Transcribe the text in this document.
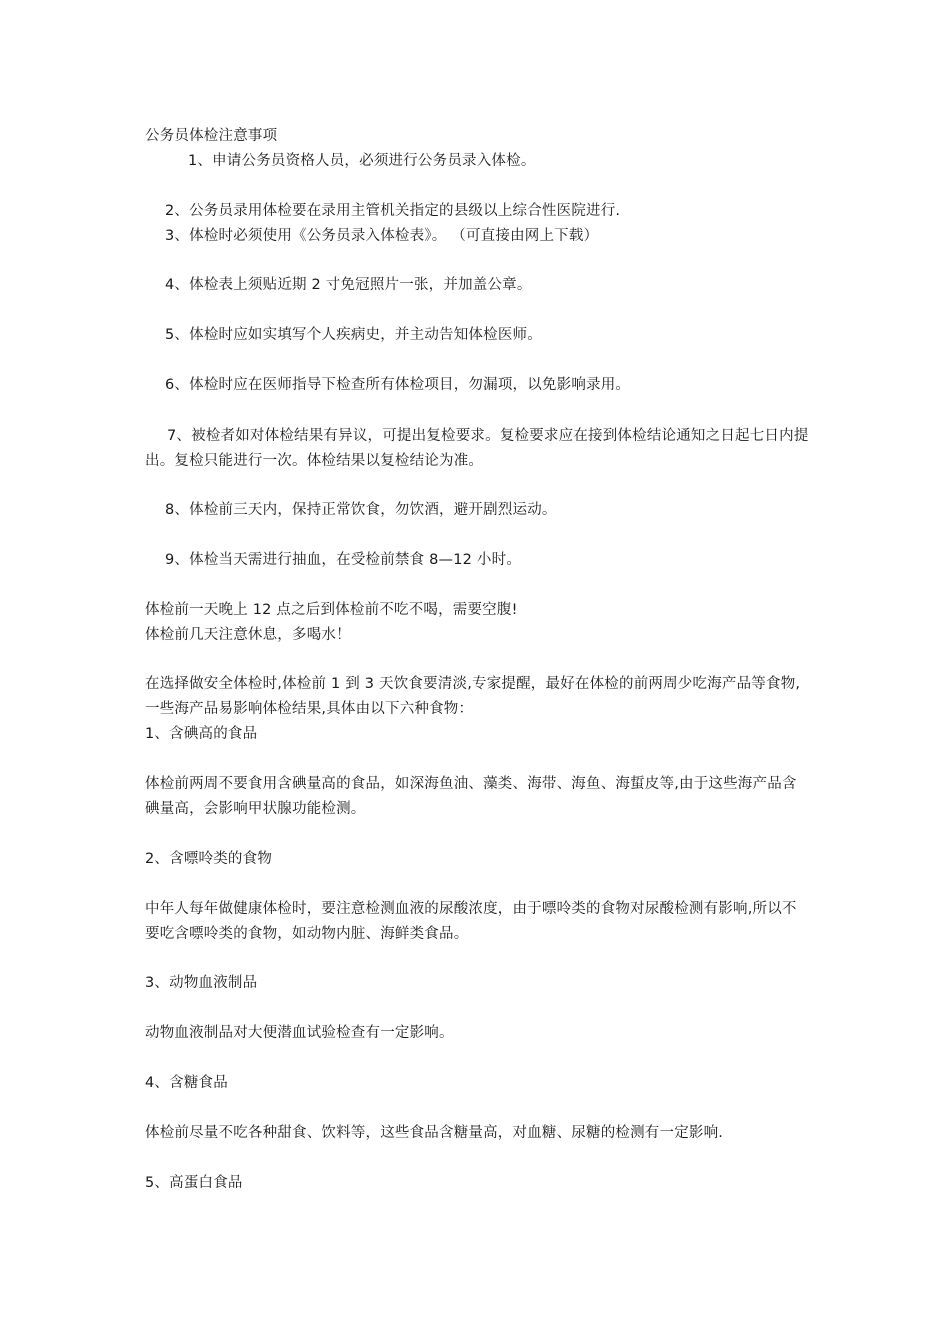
公务员体检注意事项
1、申请公务员资格人员，必须进行公务员录入体检。
2、公务员录用体检要在录用主管机关指定的县级以上综合性医院进行.
3、体检时必须使用《公务员录入体检表》。 （可直接由网上下载）
4、体检表上须贴近期 2 寸免冠照片一张，并加盖公章。
5、体检时应如实填写个人疾病史，并主动告知体检医师。
6、体检时应在医师指导下检查所有体检项目，勿漏项，以免影响录用。
7、被检者如对体检结果有异议，可提出复检要求。复检要求应在接到体检结论通知之日起七日内提出。复检只能进行一次。体检结果以复检结论为准。
8、体检前三天内，保持正常饮食，勿饮酒，避开剧烈运动。
9、体检当天需进行抽血，在受检前禁食 8—12 小时。
体检前一天晚上 12 点之后到体检前不吃不喝，需要空腹!
体检前几天注意休息，多喝水！
在选择做安全体检时,体检前 1 到 3 天饮食要清淡,专家提醒，最好在体检的前两周少吃海产品等食物,一些海产品易影响体检结果,具体由以下六种食物：
1、含碘高的食品
体检前两周不要食用含碘量高的食品，如深海鱼油、藻类、海带、海鱼、海蜇皮等,由于这些海产品含碘量高，会影响甲状腺功能检测。
2、含嘌呤类的食物
中年人每年做健康体检时，要注意检测血液的尿酸浓度，由于嘌呤类的食物对尿酸检测有影响,所以不要吃含嘌呤类的食物，如动物内脏、海鲜类食品。
3、动物血液制品
动物血液制品对大便潜血试验检查有一定影响。
4、含糖食品
体检前尽量不吃各种甜食、饮料等，这些食品含糖量高，对血糖、尿糖的检测有一定影响.
5、高蛋白食品
